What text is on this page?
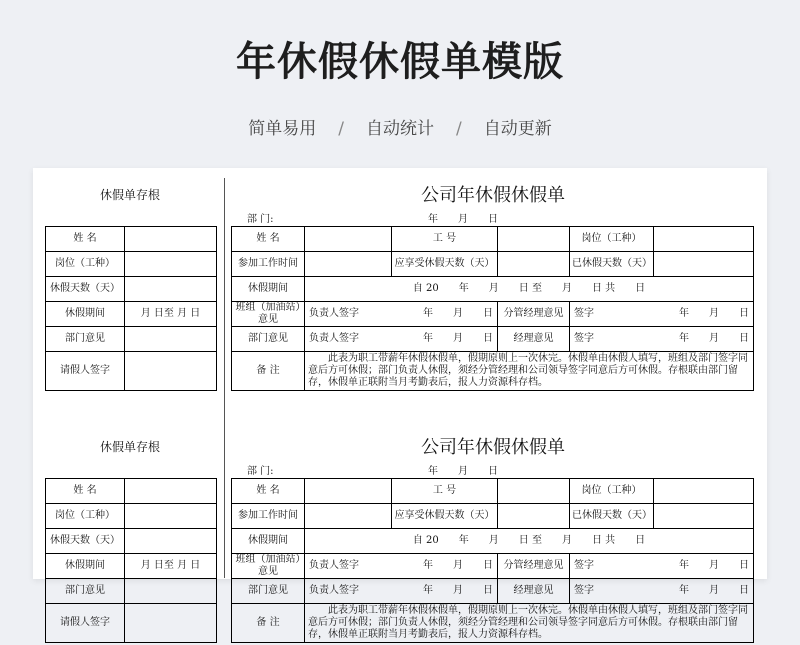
年休假休假单模版
简单易用 / 自动统计 / 自动更新
休假单存根
姓 名	
岗位（工种）	
休假天数（天）	
休假期间	月 日至 月 日
部门意见	
请假人签字	
公司年休假休假单
部 门:	年　　月　　日
姓 名		工 号		岗位（工种）	
参加工作时间		应享受休假天数（天）		已休假天数（天）	
休假期间	自 20　　年　　月　　日 至　　月　　日 共　　日				
班组（加油站）意见	负责人签字 年　　月　　日		分管经理意见	签字 年　　月　　日	

部门意见	负责人签字 年　　月　　日		经理意见	签字 年　　月　　日	

备 注	此表为职工带薪年休假休假单，假期原则上一次休完。休假单由休假人填写，班组及部门签字同意后方可休假；部门负责人休假，须经分管经理和公司领导签字同意后方可休假。存根联由部门留存，休假单正联附当月考勤表后，报人力资源科存档。				
休假单存根
姓 名	
岗位（工种）	
休假天数（天）	
休假期间	月 日至 月 日
部门意见	
请假人签字	
公司年休假休假单
部 门:	年　　月　　日
姓 名		工 号		岗位（工种）	
参加工作时间		应享受休假天数（天）		已休假天数（天）	
休假期间	自 20　　年　　月　　日 至　　月　　日 共　　日				
班组（加油站）意见	负责人签字 年　　月　　日		分管经理意见	签字 年　　月　　日	

部门意见	负责人签字 年　　月　　日		经理意见	签字 年　　月　　日	

备 注	此表为职工带薪年休假休假单，假期原则上一次休完。休假单由休假人填写，班组及部门签字同意后方可休假；部门负责人休假，须经分管经理和公司领导签字同意后方可休假。存根联由部门留存，休假单正联附当月考勤表后，报人力资源科存档。				
